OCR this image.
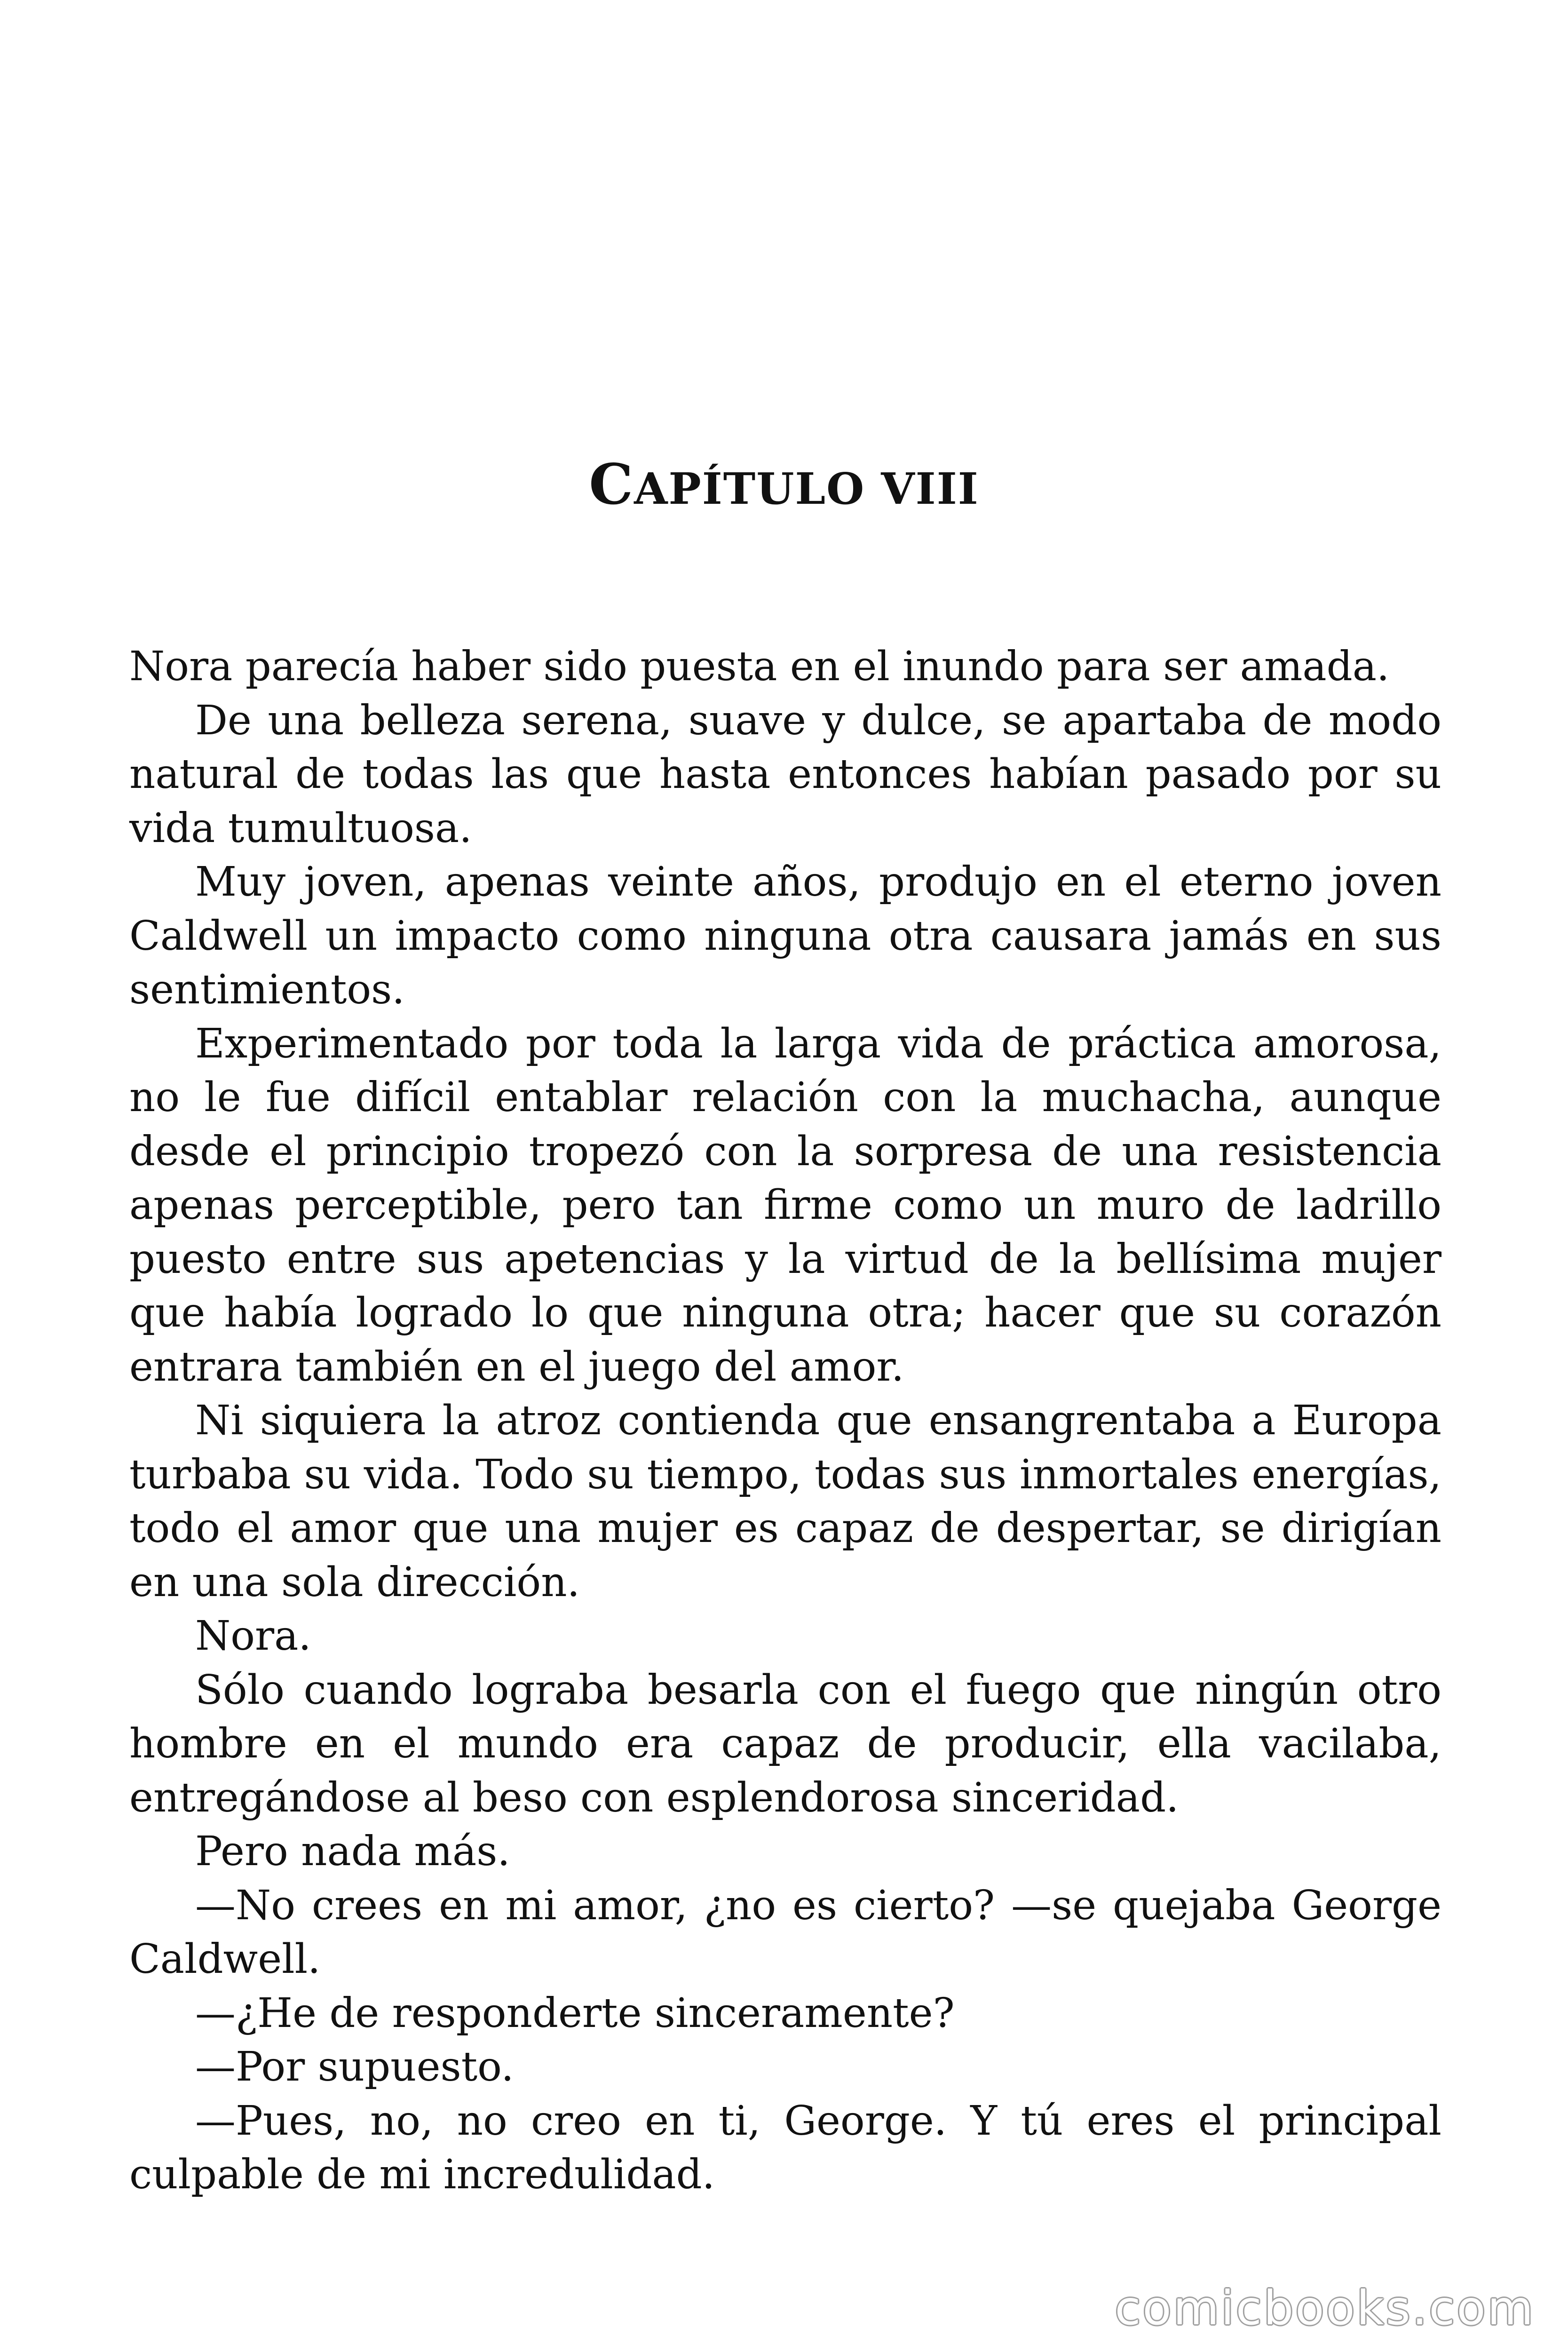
CAPÍTULO VIII

Nora parecía haber sido puesta en el inundo para ser amada.

De una belleza serena, suave y dulce, se apartaba de modo natural de todas las que hasta entonces habían pasado por su vida tumultuosa.

Muy joven, apenas veinte años, produjo en el eterno joven Caldwell un impacto como ninguna otra causara jamás en sus sentimientos.

Experimentado por toda la larga vida de práctica amorosa, no le fue difícil entablar relación con la muchacha, aunque desde el principio tropezó con la sorpresa de una resistencia apenas perceptible, pero tan firme como un muro de ladrillo puesto entre sus apetencias y la virtud de la bellísima mujer que había logrado lo que ninguna otra; hacer que su corazón entrara también en el juego del amor.

Ni siquiera la atroz contienda que ensangrentaba a Europa turbaba su vida. Todo su tiempo, todas sus inmortales energías, todo el amor que una mujer es capaz de despertar, se dirigían en una sola dirección.

Nora.

Sólo cuando lograba besarla con el fuego que ningún otro hombre en el mundo era capaz de producir, ella vacilaba, entregándose al beso con esplendorosa sinceridad.

Pero nada más.

—No crees en mi amor, ¿no es cierto? —se quejaba George Caldwell.

—¿He de responderte sinceramente?

—Por supuesto.

—Pues, no, no creo en ti, George. Y tú eres el principal culpable de mi incredulidad.

comicbooks.com
